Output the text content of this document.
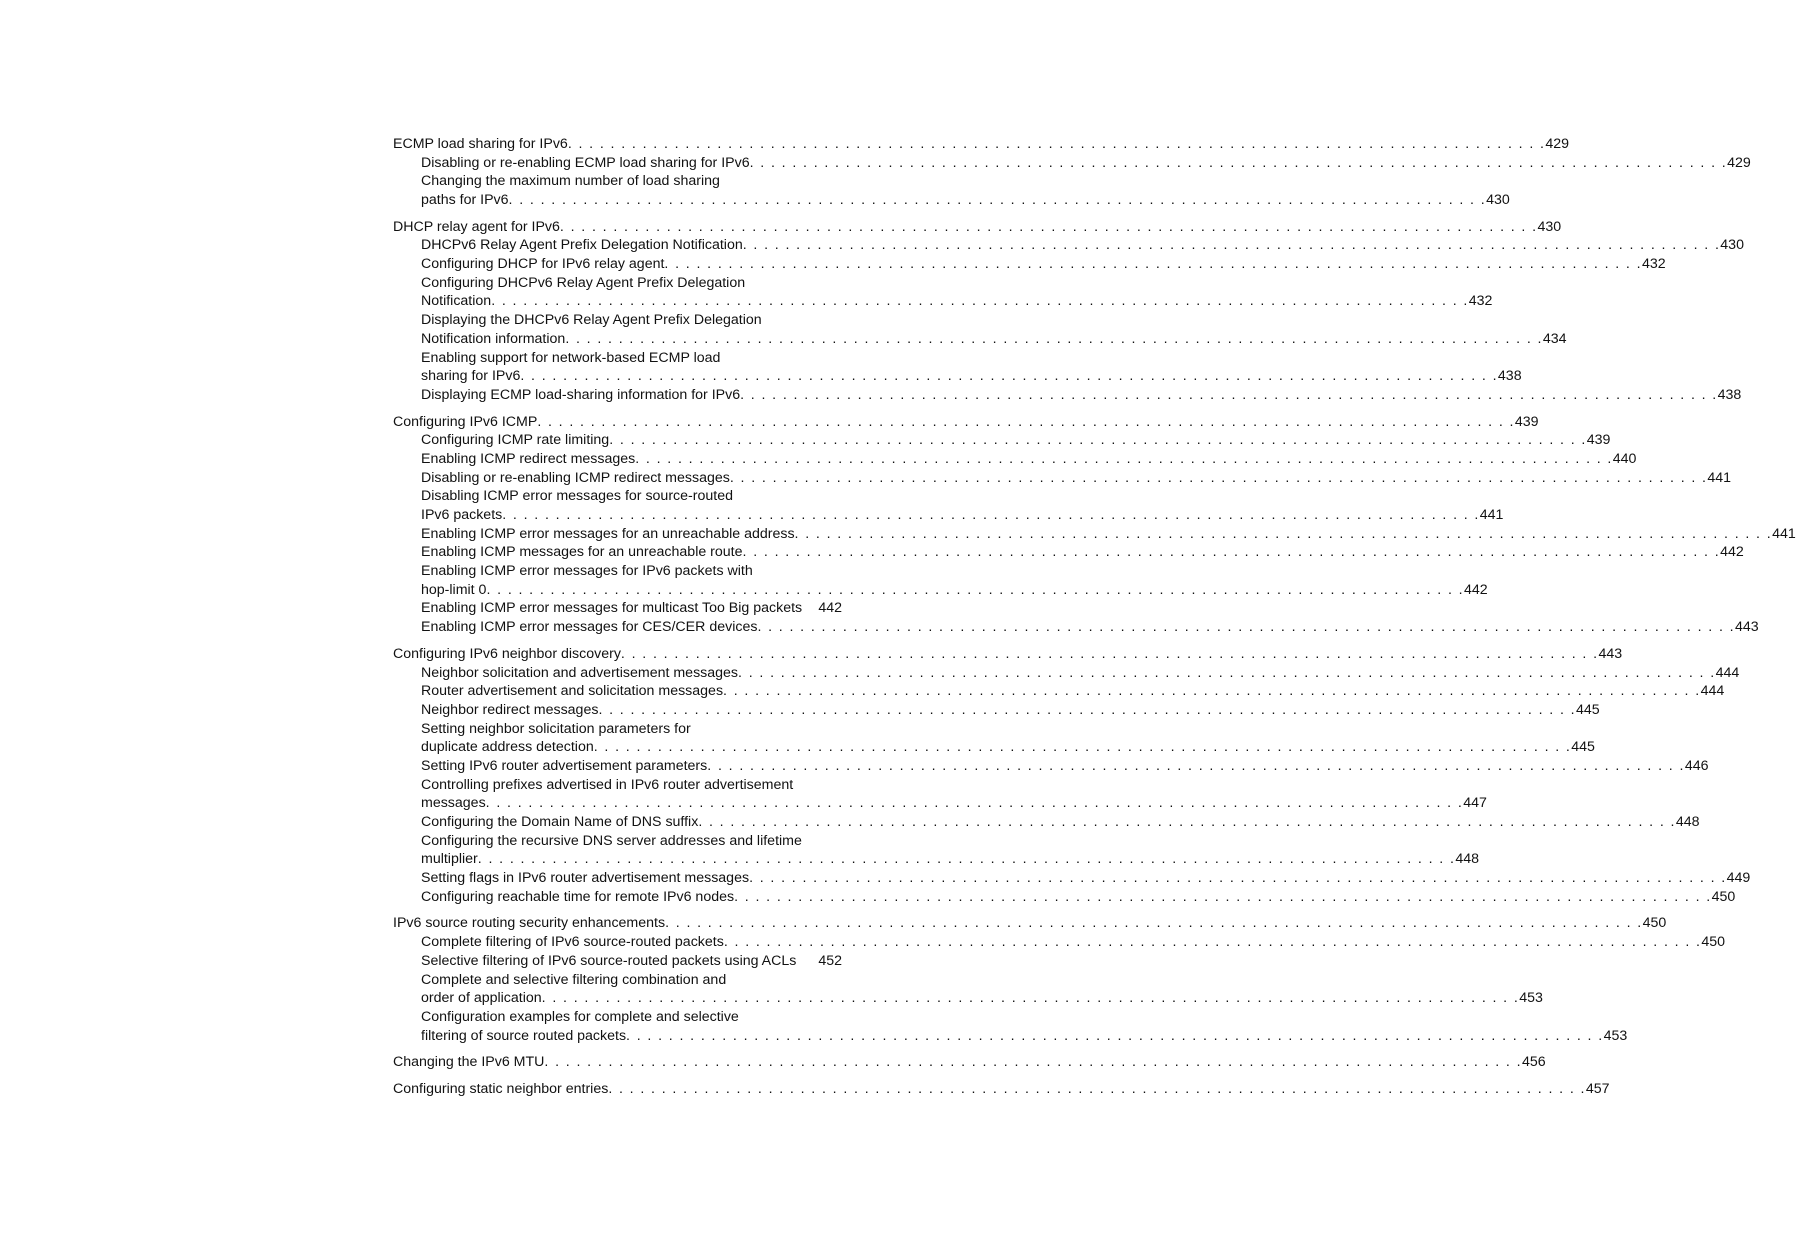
ECMP load sharing for IPv6 . . .	429
Disabling or re-enabling ECMP load sharing for IPv6 . . .	429
Changing the maximum number of load sharing
paths for IPv6 . . .	430
DHCP relay agent for IPv6 . . .	430
DHCPv6 Relay Agent Prefix Delegation Notification . . .	430
Configuring DHCP for IPv6 relay agent . . .	432
Configuring DHCPv6 Relay Agent Prefix Delegation
Notification . . .	432
Displaying the DHCPv6 Relay Agent Prefix Delegation
Notification information . . .	434
Enabling support for network-based ECMP load
sharing for IPv6 . . .	438
Displaying ECMP load-sharing information for IPv6 . . .	438
Configuring IPv6 ICMP . . .	439
Configuring ICMP rate limiting . . .	439
Enabling ICMP redirect messages . . .	440
Disabling or re-enabling ICMP redirect messages . . .	441
Disabling ICMP error messages for source-routed
IPv6 packets . . .	441
Enabling ICMP error messages for an unreachable address . . .	441
Enabling ICMP messages for an unreachable route . . .	442
Enabling ICMP error messages for IPv6 packets with
hop-limit 0 . . .	442
Enabling ICMP error messages for multicast Too Big packets 442
Enabling ICMP error messages for CES/CER devices . . .	443
Configuring IPv6 neighbor discovery . . .	443
Neighbor solicitation and advertisement messages . . .	444
Router advertisement and solicitation messages . . .	444
Neighbor redirect messages . . .	445
Setting neighbor solicitation parameters for
duplicate address detection . . .	445
Setting IPv6 router advertisement parameters . . .	446
Controlling prefixes advertised in IPv6 router advertisement
messages . . .	447
Configuring the Domain Name of DNS suffix . . .	448
Configuring the recursive DNS server addresses and lifetime
multiplier . . .	448
Setting flags in IPv6 router advertisement messages . . .	449
Configuring reachable time for remote IPv6 nodes . . .	450
IPv6 source routing security enhancements . . .	450
Complete filtering of IPv6 source-routed packets . . .	450
Selective filtering of IPv6 source-routed packets using ACLs 452
Complete and selective filtering combination and
order of application . . .	453
Configuration examples for complete and selective
filtering of source routed packets . . .	453
Changing the IPv6 MTU . . .	456
Configuring static neighbor entries . . .	457
